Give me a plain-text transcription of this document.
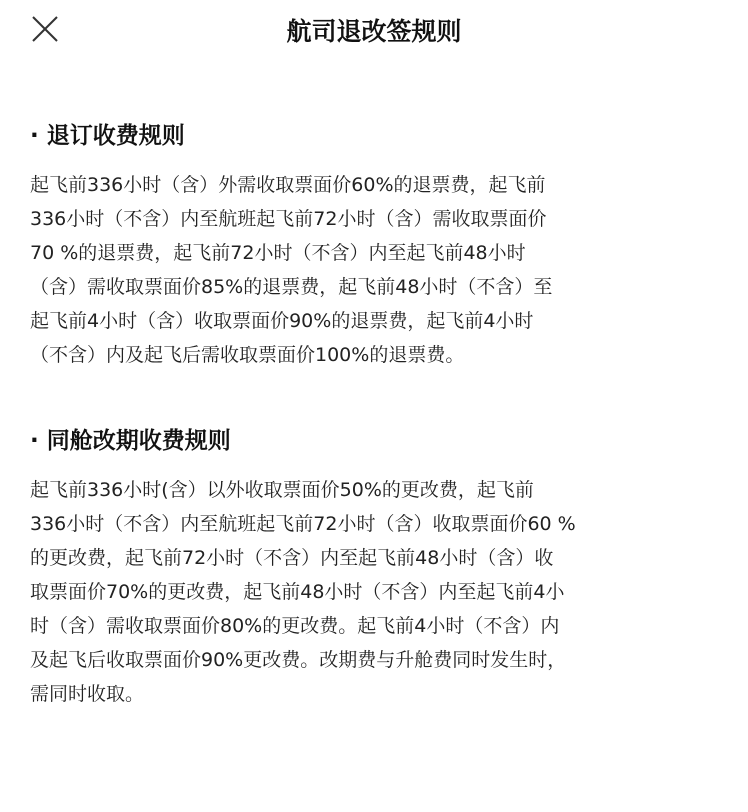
航司退改签规则
· 退订收费规则
起飞前336小时（含）外需收取票面价60%的退票费，起飞前
336小时（不含）内至航班起飞前72小时（含）需收取票面价
70 %的退票费，起飞前72小时（不含）内至起飞前48小时
（含）需收取票面价85%的退票费，起飞前48小时（不含）至
起飞前4小时（含）收取票面价90%的退票费，起飞前4小时
（不含）内及起飞后需收取票面价100%的退票费。
· 同舱改期收费规则
起飞前336小时(含）以外收取票面价50%的更改费，起飞前
336小时（不含）内至航班起飞前72小时（含）收取票面价60 %
的更改费，起飞前72小时（不含）内至起飞前48小时（含）收
取票面价70%的更改费，起飞前48小时（不含）内至起飞前4小
时（含）需收取票面价80%的更改费。起飞前4小时（不含）内
及起飞后收取票面价90%更改费。改期费与升舱费同时发生时，
需同时收取。
